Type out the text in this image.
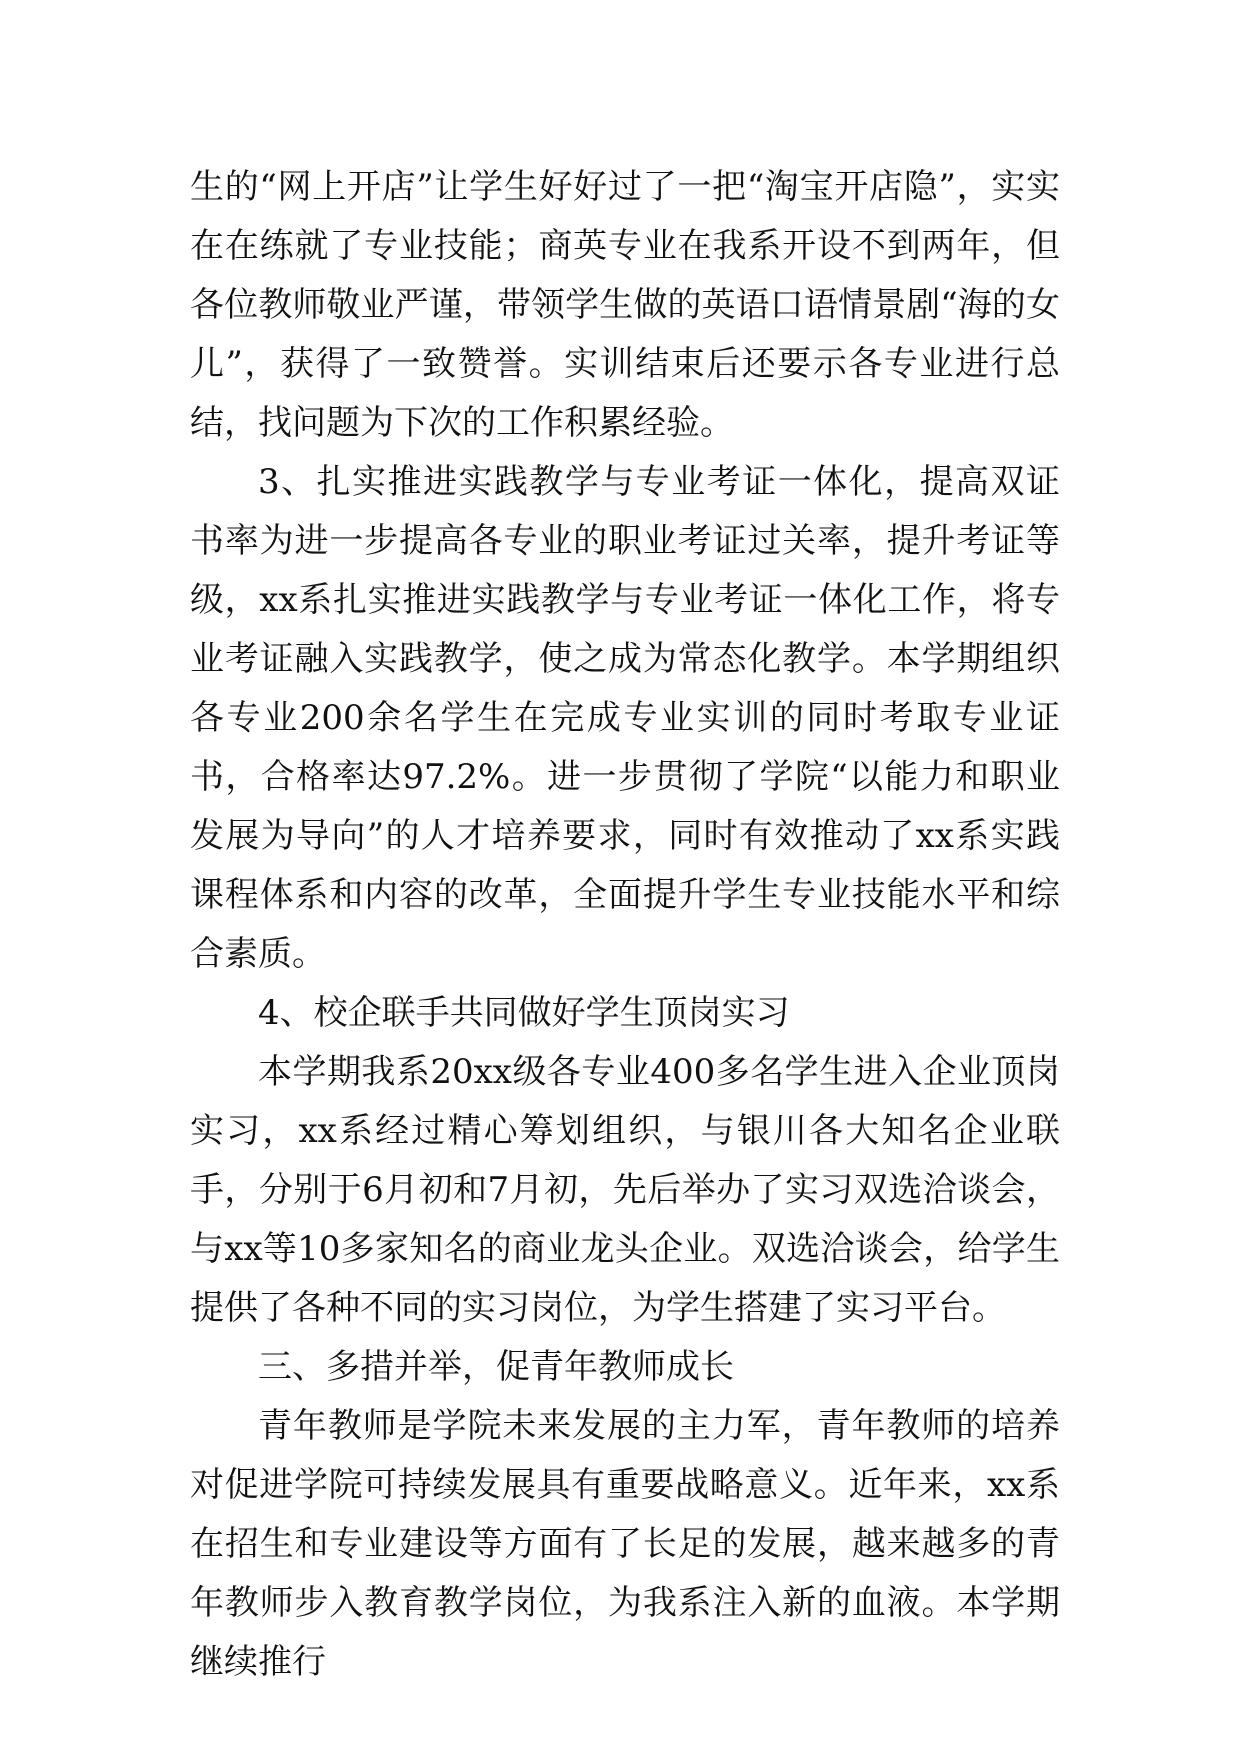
生的“网上开店”让学生好好过了一把“淘宝开店隐”，实实在在练就了专业技能；商英专业在我系开设不到两年，但各位教师敬业严谨，带领学生做的英语口语情景剧“海的女儿”，获得了一致赞誉。实训结束后还要示各专业进行总结，找问题为下次的工作积累经验。

3、扎实推进实践教学与专业考证一体化，提高双证书率为进一步提高各专业的职业考证过关率，提升考证等级，xx系扎实推进实践教学与专业考证一体化工作，将专业考证融入实践教学，使之成为常态化教学。本学期组织各专业200余名学生在完成专业实训的同时考取专业证书，合格率达97.2%。进一步贯彻了学院“以能力和职业发展为导向”的人才培养要求，同时有效推动了xx系实践课程体系和内容的改革，全面提升学生专业技能水平和综合素质。

4、校企联手共同做好学生顶岗实习

本学期我系20xx级各专业400多名学生进入企业顶岗实习，xx系经过精心筹划组织，与银川各大知名企业联手，分别于6月初和7月初，先后举办了实习双选洽谈会，与xx等10多家知名的商业龙头企业。双选洽谈会，给学生提供了各种不同的实习岗位，为学生搭建了实习平台。

三、多措并举，促青年教师成长

青年教师是学院未来发展的主力军，青年教师的培养对促进学院可持续发展具有重要战略意义。近年来，xx系在招生和专业建设等方面有了长足的发展，越来越多的青年教师步入教育教学岗位，为我系注入新的血液。本学期继续推行
